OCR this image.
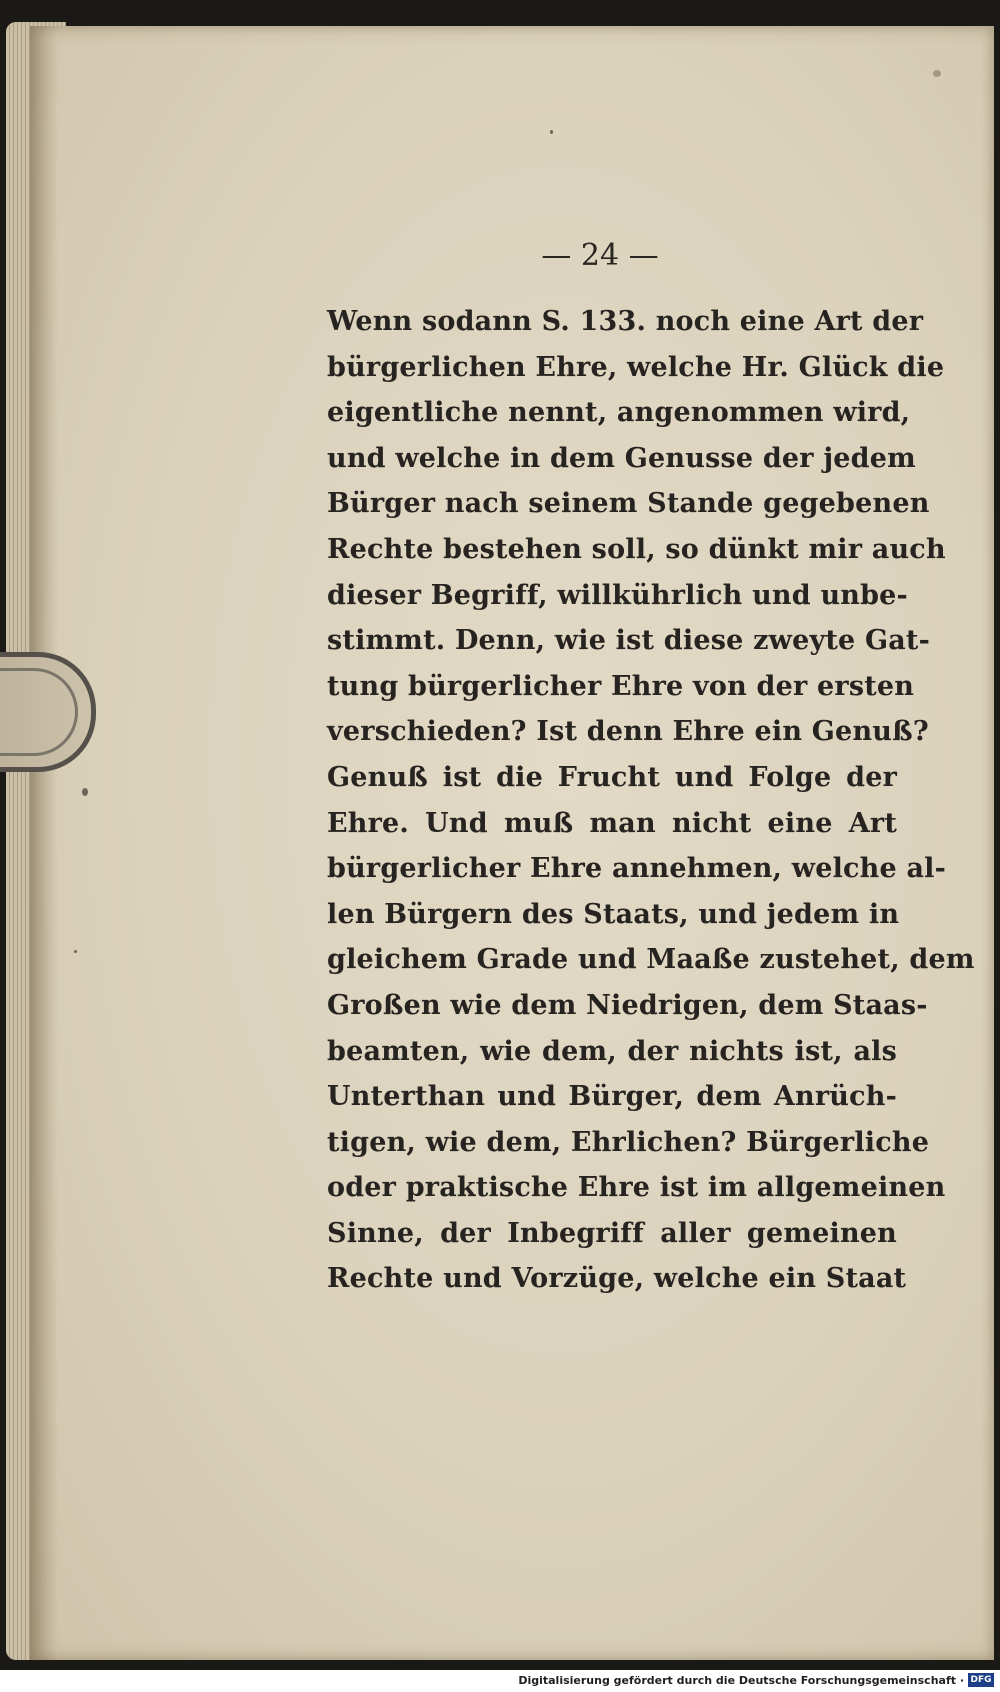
— 24 —
Wenn sodann S. 133. noch eine Art der
bürgerlichen Ehre, welche Hr. Glück die
eigentliche nennt, angenommen wird,
und welche in dem Genusse der jedem
Bürger nach seinem Stande gegebenen
Rechte bestehen soll, so dünkt mir auch
dieser Begriff, willkührlich und unbe-
stimmt. Denn, wie ist diese zweyte Gat-
tung bürgerlicher Ehre von der ersten
verschieden? Ist denn Ehre ein Genuß?
Genuß ist die Frucht und Folge der
Ehre. Und muß man nicht eine Art
bürgerlicher Ehre annehmen, welche al-
len Bürgern des Staats, und jedem in
gleichem Grade und Maaße zustehet, dem
Großen wie dem Niedrigen, dem Staas-
beamten, wie dem, der nichts ist, als
Unterthan und Bürger, dem Anrüch-
tigen, wie dem, Ehrlichen? Bürgerliche
oder praktische Ehre ist im allgemeinen
Sinne, der Inbegriff aller gemeinen
Rechte und Vorzüge, welche ein Staat
Digitalisierung gefördert durch die Deutsche Forschungsgemeinschaft · DFG
